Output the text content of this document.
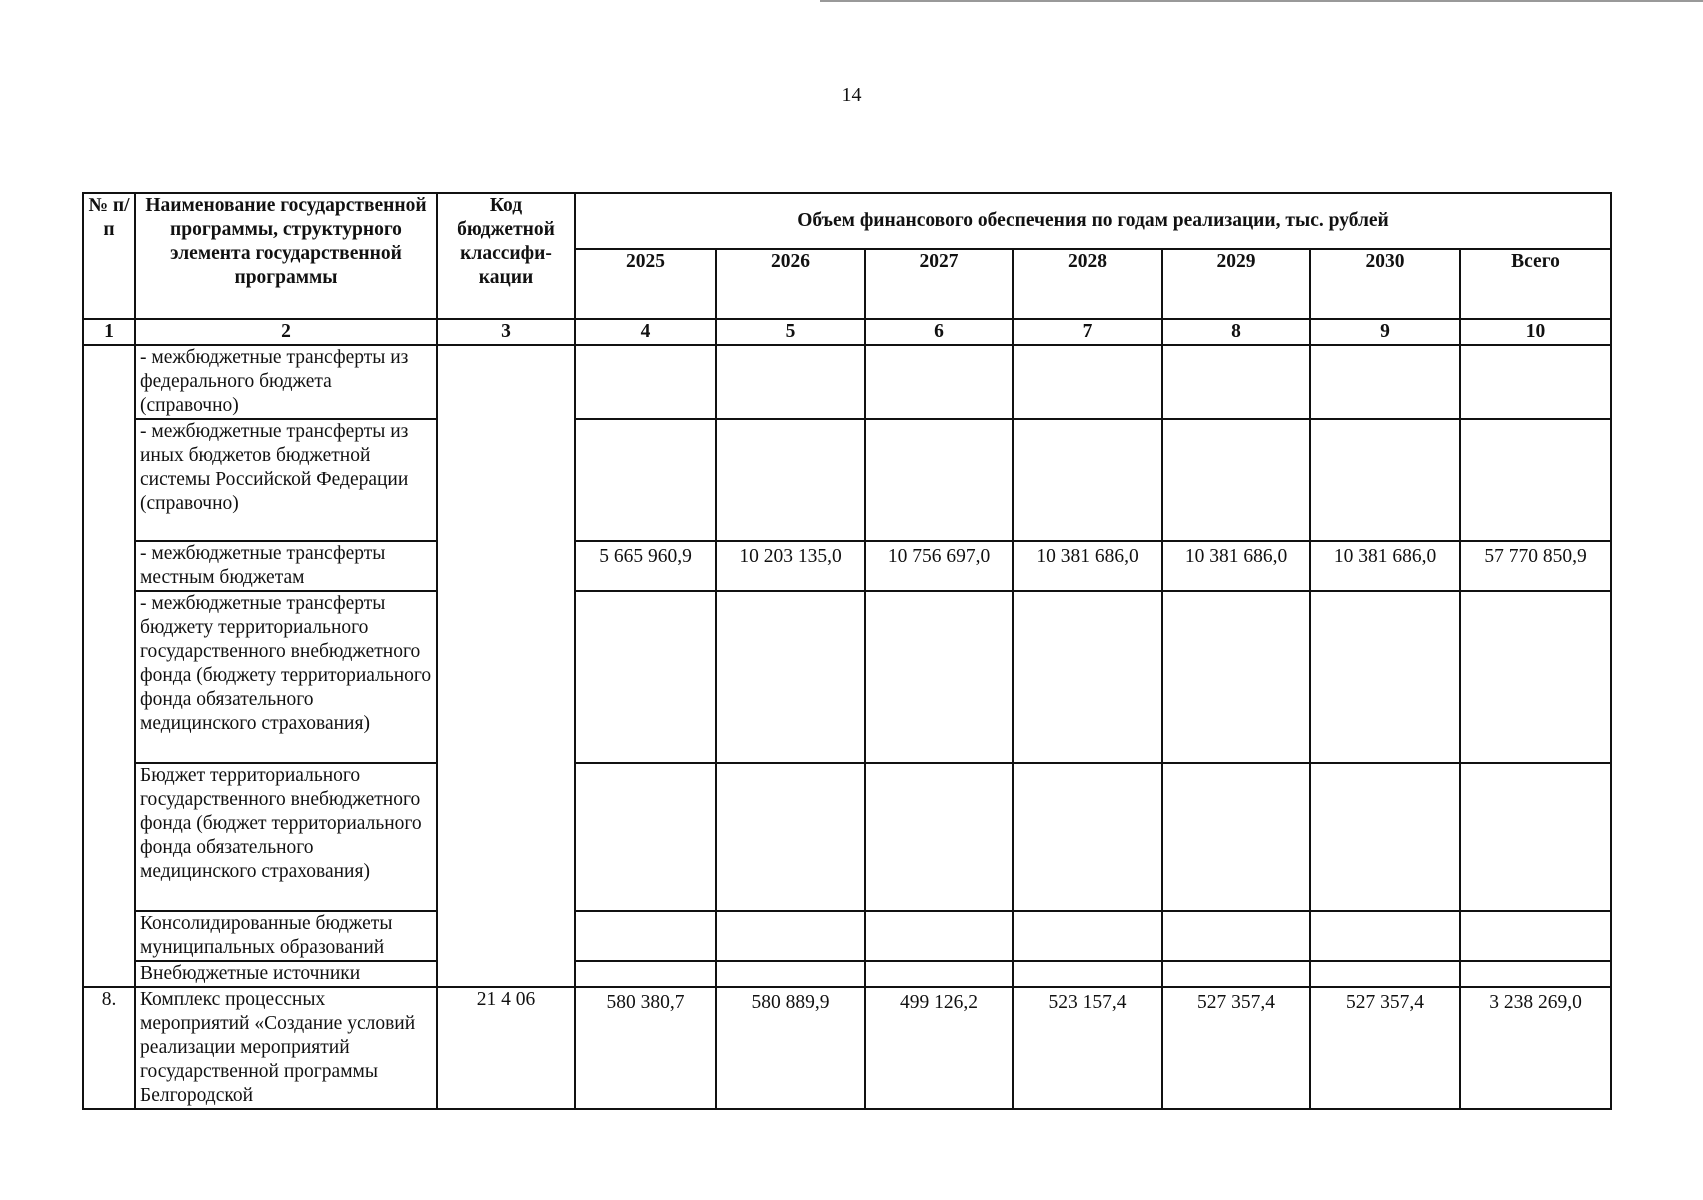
14
№ п/п	Наименование государственной программы, структурного элемента государственной программы	Код бюджетной классифи-кации	Объем финансового обеспечения по годам реализации, тыс. рублей						
			2025	2026	2027	2028	2029	2030	Всего
1	2	3	4	5	6	7	8	9	10
	- межбюджетные трансферты из федерального бюджета (справочно)								
	- межбюджетные трансферты из иных бюджетов бюджетной системы Российской Федерации (справочно)								
	- межбюджетные трансферты местным бюджетам		5 665 960,9	10 203 135,0	10 756 697,0	10 381 686,0	10 381 686,0	10 381 686,0	57 770 850,9
	- межбюджетные трансферты бюджету территориального государственного внебюджетного фонда (бюджету территориального фонда обязательного медицинского страхования)								
	Бюджет территориального государственного внебюджетного фонда (бюджет территориального фонда обязательного медицинского страхования)								
	Консолидированные бюджеты муниципальных образований								
	Внебюджетные источники								
8.	Комплекс процессных мероприятий «Создание условий реализации мероприятий государственной программы Белгородской	21 4 06	580 380,7	580 889,9	499 126,2	523 157,4	527 357,4	527 357,4	3 238 269,0
